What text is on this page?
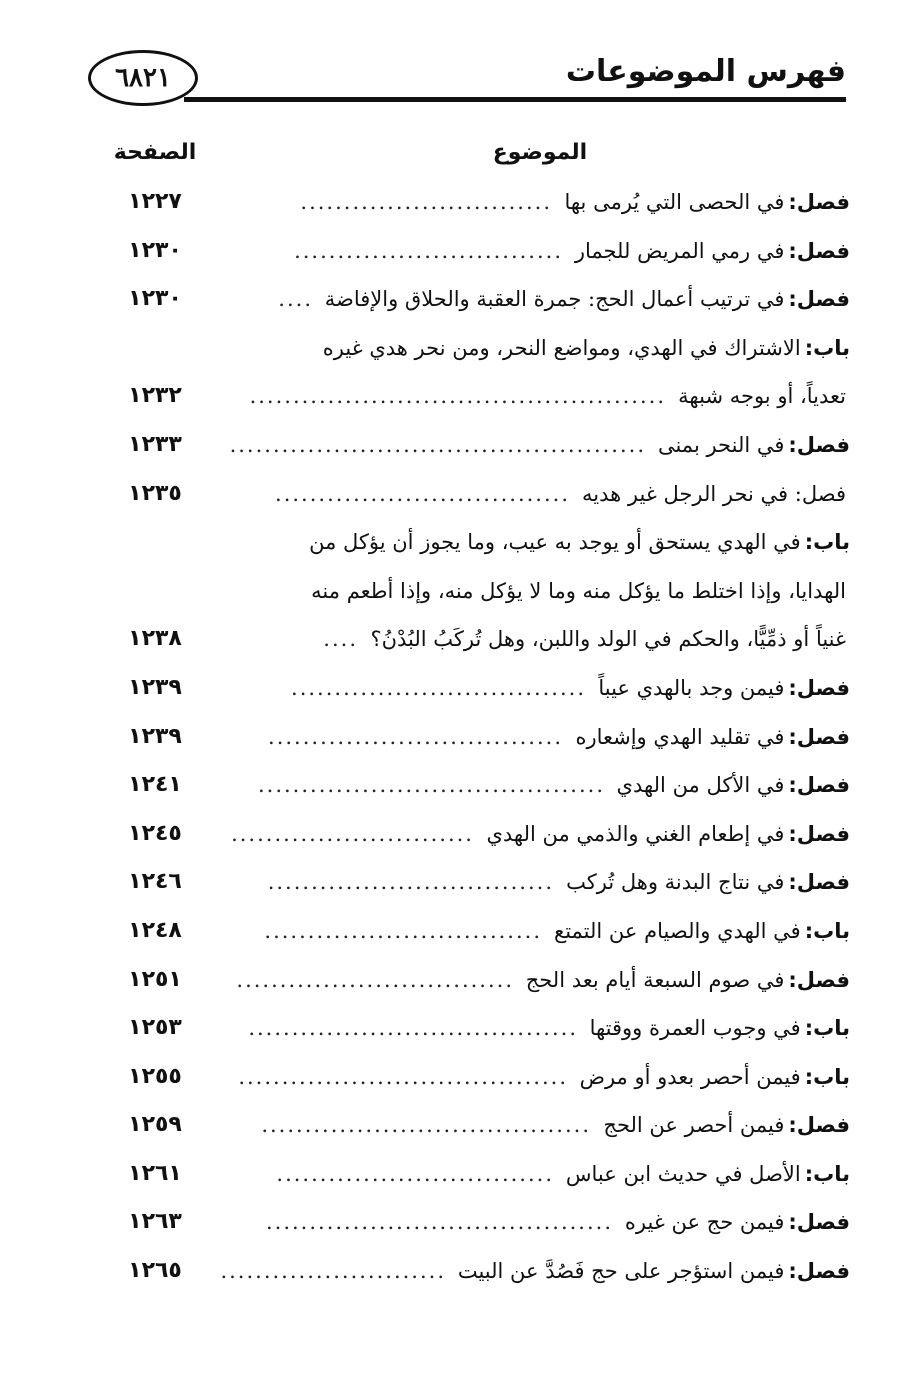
٦٨٢١	فهرس الموضوعات
الموضوع
الصفحة
فصل:
في الحصى التي يُرمى بها
.............................
١٢٢٧
فصل:
في رمي المريض للجمار
...............................
١٢٣٠
فصل:
في ترتيب أعمال الحج: جمرة العقبة والحلاق والإفاضة
....
١٢٣٠
باب:
الاشتراك في الهدي، ومواضع النحر، ومن نحر هدي غيره
تعدياً، أو بوجه شبهة
................................................
١٢٣٢
فصل:
في النحر بمنى
................................................
١٢٣٣
فصل: في نحر الرجل غير هديه
..................................
١٢٣٥
باب:
في الهدي يستحق أو يوجد به عيب، وما يجوز أن يؤكل من
الهدايا، وإذا اختلط ما يؤكل منه وما لا يؤكل منه، وإذا أطعم منه
غنياً أو ذمِّيًّا، والحكم في الولد واللبن، وهل تُركَبُ البُدْنُ؟
....
١٢٣٨
فصل:
فيمن وجد بالهدي عيباً
..................................
١٢٣٩
فصل:
في تقليد الهدي وإشعاره
..................................
١٢٣٩
فصل:
في الأكل من الهدي
........................................
١٢٤١
فصل:
في إطعام الغني والذمي من الهدي
............................
١٢٤٥
فصل:
في نتاج البدنة وهل تُركب
.................................
١٢٤٦
باب:
في الهدي والصيام عن التمتع
................................
١٢٤٨
فصل:
في صوم السبعة أيام بعد الحج
................................
١٢٥١
باب:
في وجوب العمرة ووقتها
......................................
١٢٥٣
باب:
فيمن أحصر بعدو أو مرض
......................................
١٢٥٥
فصل:
فيمن أحصر عن الحج
......................................
١٢٥٩
باب:
الأصل في حديث ابن عباس
................................
١٢٦١
فصل:
فيمن حج عن غيره
........................................
١٢٦٣
فصل:
فيمن استؤجر على حج فَصُدَّ عن البيت
..........................
١٢٦٥
